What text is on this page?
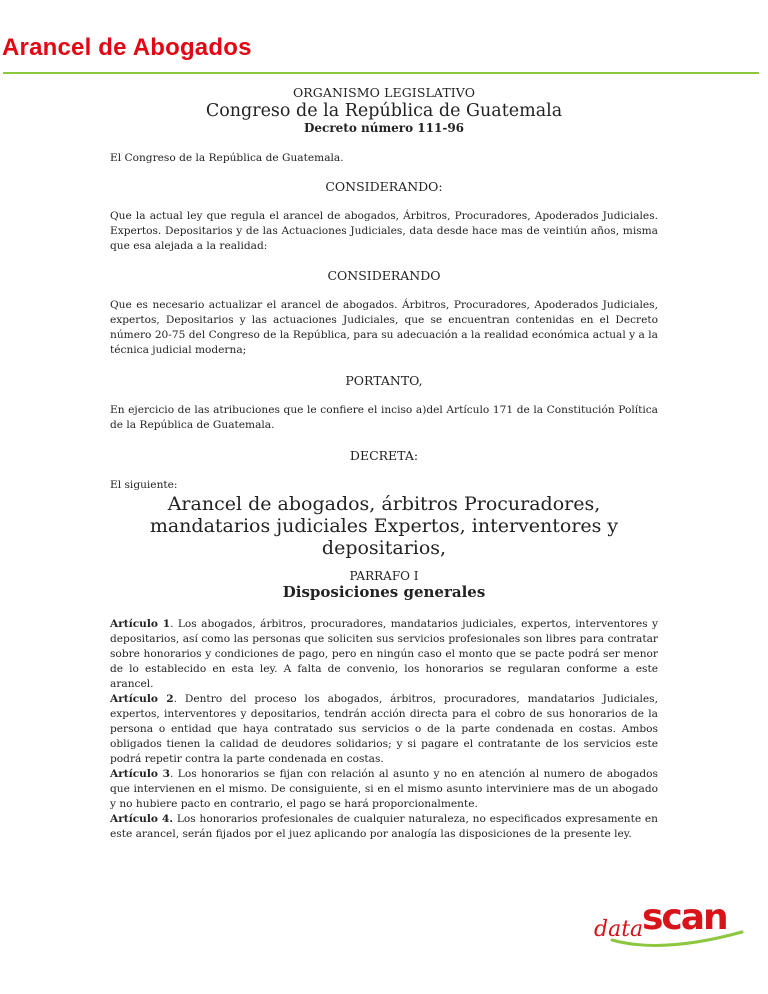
Arancel de Abogados
ORGANISMO LEGISLATIVO
Congreso de la República de Guatemala
Decreto número 111-96

El Congreso de la República de Guatemala.

CONSIDERANDO:

Que la actual ley que regula el arancel de abogados, Árbitros, Procuradores, Apoderados Judiciales. Expertos. Depositarios y de las Actuaciones Judiciales, data desde hace mas de veintiún años, misma que esa alejada a la realidad:

CONSIDERANDO

Que es necesario actualizar el arancel de abogados. Árbitros, Procuradores, Apoderados Judiciales, expertos, Depositarios y las actuaciones Judiciales, que se encuentran contenidas en el Decreto número 20-75 del Congreso de la República, para su adecuación a la realidad económica actual y a la técnica judicial moderna;

PORTANTO,

En ejercicio de las atribuciones que le confiere el inciso a)del Artículo 171 de la Constitución Política de la República de Guatemala.

DECRETA:

El siguiente:

Arancel de abogados, árbitros Procuradores, mandatarios judiciales Expertos, interventores y depositarios,
PARRAFO I
Disposiciones generales

Artículo 1. Los abogados, árbitros, procuradores, mandatarios judiciales, expertos, interventores y depositarios, así como las personas que soliciten sus servicios profesionales son libres para contratar sobre honorarios y condiciones de pago, pero en ningún caso el monto que se pacte podrá ser menor de lo establecido en esta ley. A falta de convenio, los honorarios se regularan conforme a este arancel.

Artículo 2. Dentro del proceso los abogados, árbitros, procuradores, mandatarios Judiciales, expertos, interventores y depositarios, tendrán acción directa para el cobro de sus honorarios de la persona o entidad que haya contratado sus servicios o de la parte condenada en costas. Ambos obligados tienen la calidad de deudores solidarios; y si pagare el contratante de los servicios este podrá repetir contra la parte condenada en costas.

Artículo 3. Los honorarios se fijan con relación al asunto y no en atención al numero de abogados que intervienen en el mismo. De consiguiente, si en el mismo asunto interviniere mas de un abogado y no hubiere pacto en contrario, el pago se hará proporcionalmente.

Artículo 4. Los honorarios profesionales de cualquier naturaleza, no especificados expresamente en este arancel, serán fijados por el juez aplicando por analogía las disposiciones de la presente ley.

data
scan
